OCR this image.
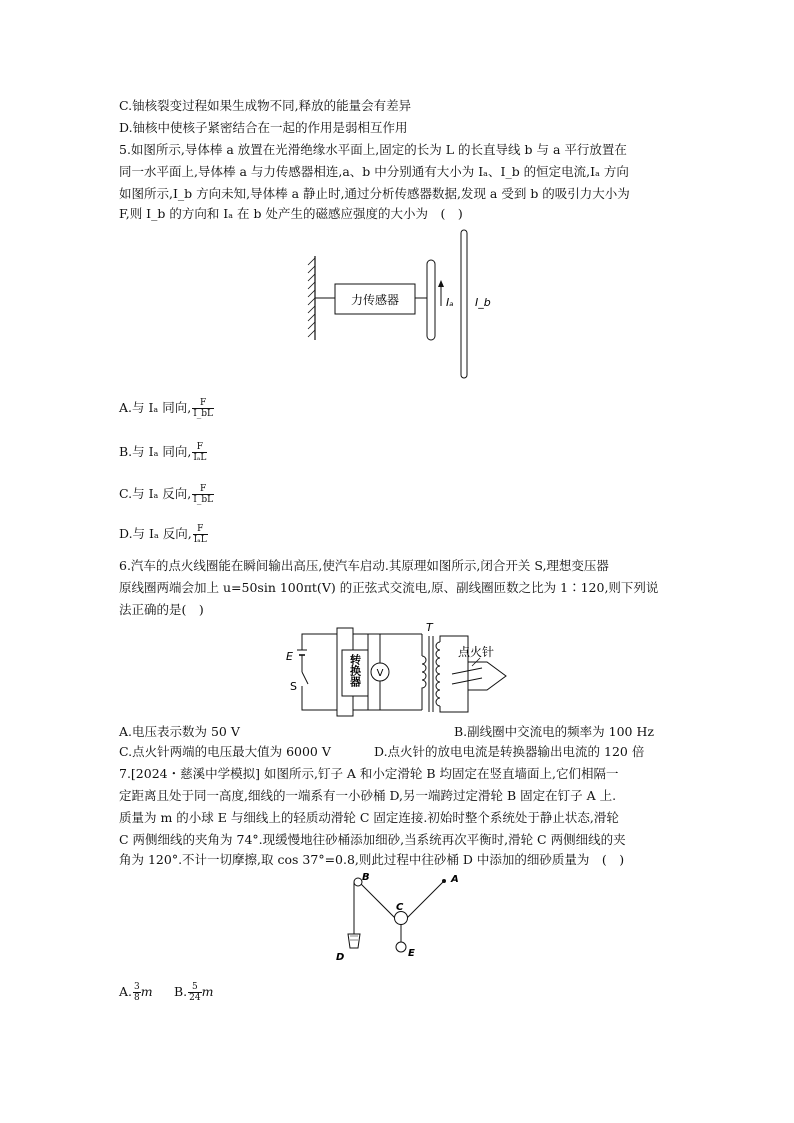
C.铀核裂变过程如果生成物不同,释放的能量会有差异
D.铀核中使核子紧密结合在一起的作用是弱相互作用
5.如图所示,导体棒 a 放置在光滑绝缘水平面上,固定的长为 L 的长直导线 b 与 a 平行放置在
同一水平面上,导体棒 a 与力传感器相连,a、b 中分别通有大小为 Iₐ、I_b 的恒定电流,Iₐ 方向
如图所示,I_b 方向未知,导体棒 a 静止时,通过分析传感器数据,发现 a 受到 b 的吸引力大小为
F,则 I_b 的方向和 Iₐ 在 b 处产生的磁感应强度的大小为　(　)
力传感器	Iₐ I_b
A.与 Iₐ 同向, $\frac{F}{I\_bL}$
B.与 Iₐ 同向, $\frac{F}{\text{IₐL}}$
C.与 Iₐ 反向, $\frac{F}{I\_bL}$
D.与 Iₐ 反向, $\frac{F}{\text{IₐL}}$
6.汽车的点火线圈能在瞬间输出高压,使汽车启动.其原理如图所示,闭合开关 S,理想变压器
原线圈两端会加上 u=50sin 100πt(V) 的正弦式交流电,原、副线圈匝数之比为 1∶120,则下列说
法正确的是(　)
E
S	转换器 V
T
点火针
A.电压表示数为 50 V	B.副线圈中交流电的频率为 100 Hz
C.点火针两端的电压最大值为 6000 V	D.点火针的放电电流是转换器输出电流的 120 倍
7.[2024・慈溪中学模拟] 如图所示,钉子 A 和小定滑轮 B 均固定在竖直墙面上,它们相隔一
定距离且处于同一高度,细线的一端系有一小砂桶 D,另一端跨过定滑轮 B 固定在钉子 A 上.
质量为 m 的小球 E 与细线上的轻质动滑轮 C 固定连接.初始时整个系统处于静止状态,滑轮
C 两侧细线的夹角为 74°.现缓慢地往砂桶添加细砂,当系统再次平衡时,滑轮 C 两侧细线的夹
角为 120°.不计一切摩擦,取 cos 37°=0.8,则此过程中往砂桶 D 中添加的细砂质量为　(　)
B
D
A
C
E
A. $\frac{3}{8}$ m B. $\frac{5}{24}$ m
